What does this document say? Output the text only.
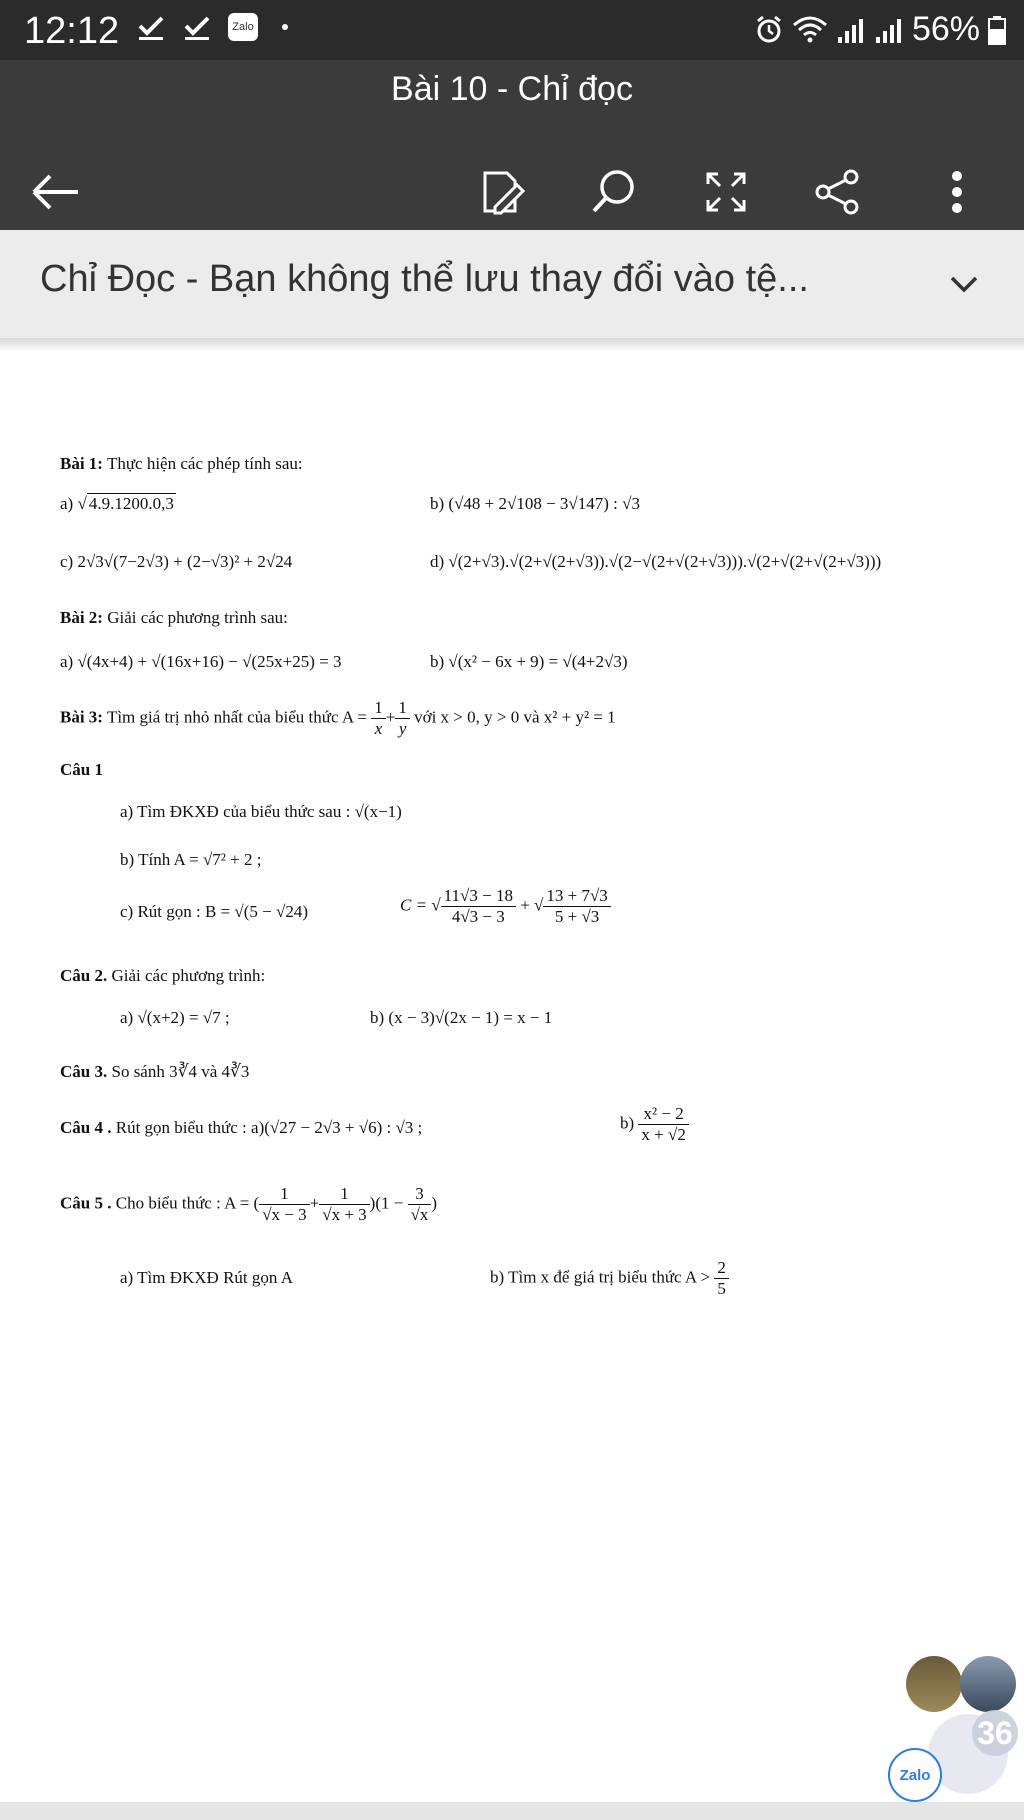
12:12	Zalo	56%
Bài 10 - Chỉ đọc
Chỉ Đọc - Bạn không thể lưu thay đổi vào tệ...
Bài 1: Thực hiện các phép tính sau:
a) √ 4.9.1200.0,3	b) (√48 + 2√108 − 3√147) : √3
c) 2√3√(7−2√3) + (2−√3)² + 2√24	d) √(2+√3).√(2+√(2+√3)).√(2−√(2+√(2+√3))).√(2+√(2+√(2+√3)))
Bài 2: Giải các phương trình sau:
a) √(4x+4) + √(16x+16) − √(25x+25) = 3	b) √(x² − 6x + 9) = √(4+2√3)
Bài 3: Tìm giá trị nhỏ nhất của biểu thức $A = \frac{1}{x} + \frac{1}{y}$ với x > 0, y > 0 và x² + y² = 1
Câu 1
a) Tìm ĐKXĐ của biểu thức sau : √(x−1)
b) Tính A = √7² + 2 ;
c) Rút gọn : B = √(5 − √24)	C = √ $\frac{11√3 - 18}{4√3 - 3}$ + √ $\frac{13 + 7√3}{5 + √3}$
Câu 2. Giải các phương trình:
a) √(x+2) = √7 ;	b) (x − 3)√(2x − 1) = x − 1
Câu 3. So sánh 3∛4 và 4∛3
Câu 4 . Rút gọn biểu thức : a)(√27 − 2√3 + √6) : √3 ;	$b) \frac{\text{x² − 2}}{x + √2}$
Câu 5 . Cho biểu thức : A = ( $\frac{1}{√x - 3} + \frac{1}{√x + 3} )(1 - \frac{3}{√x}$ )
a) Tìm ĐKXĐ Rút gọn A	b) Tìm x để giá trị biểu thức $A > \frac{2}{5}$
36
Zalo
